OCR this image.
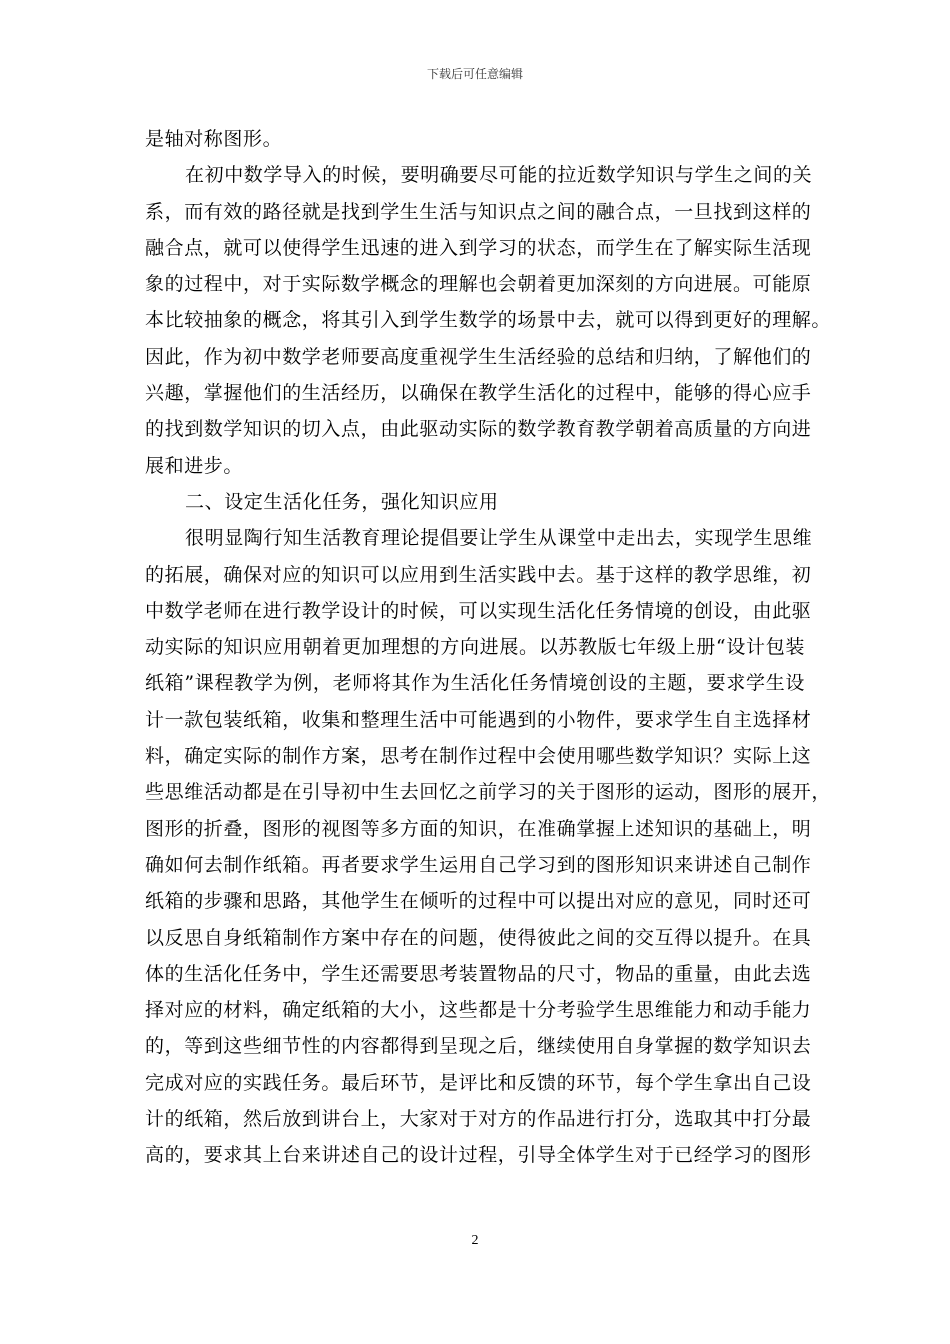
下载后可任意编辑
是轴对称图形。
在初中数学导入的时候，要明确要尽可能的拉近数学知识与学生之间的关
系，而有效的路径就是找到学生生活与知识点之间的融合点，一旦找到这样的
融合点，就可以使得学生迅速的进入到学习的状态，而学生在了解实际生活现
象的过程中，对于实际数学概念的理解也会朝着更加深刻的方向进展。可能原
本比较抽象的概念，将其引入到学生数学的场景中去，就可以得到更好的理解。
因此，作为初中数学老师要高度重视学生生活经验的总结和归纳，了解他们的
兴趣，掌握他们的生活经历，以确保在教学生活化的过程中，能够的得心应手
的找到数学知识的切入点，由此驱动实际的数学教育教学朝着高质量的方向进
展和进步。
二、设定生活化任务，强化知识应用
很明显陶行知生活教育理论提倡要让学生从课堂中走出去，实现学生思维
的拓展，确保对应的知识可以应用到生活实践中去。基于这样的教学思维，初
中数学老师在进行教学设计的时候，可以实现生活化任务情境的创设，由此驱
动实际的知识应用朝着更加理想的方向进展。以苏教版七年级上册“设计包装
纸箱”课程教学为例，老师将其作为生活化任务情境创设的主题，要求学生设
计一款包装纸箱，收集和整理生活中可能遇到的小物件，要求学生自主选择材
料，确定实际的制作方案，思考在制作过程中会使用哪些数学知识？实际上这
些思维活动都是在引导初中生去回忆之前学习的关于图形的运动，图形的展开，
图形的折叠，图形的视图等多方面的知识，在准确掌握上述知识的基础上，明
确如何去制作纸箱。再者要求学生运用自己学习到的图形知识来讲述自己制作
纸箱的步骤和思路，其他学生在倾听的过程中可以提出对应的意见，同时还可
以反思自身纸箱制作方案中存在的问题，使得彼此之间的交互得以提升。在具
体的生活化任务中，学生还需要思考装置物品的尺寸，物品的重量，由此去选
择对应的材料，确定纸箱的大小，这些都是十分考验学生思维能力和动手能力
的，等到这些细节性的内容都得到呈现之后，继续使用自身掌握的数学知识去
完成对应的实践任务。最后环节，是评比和反馈的环节，每个学生拿出自己设
计的纸箱，然后放到讲台上，大家对于对方的作品进行打分，选取其中打分最
高的，要求其上台来讲述自己的设计过程，引导全体学生对于已经学习的图形
2
